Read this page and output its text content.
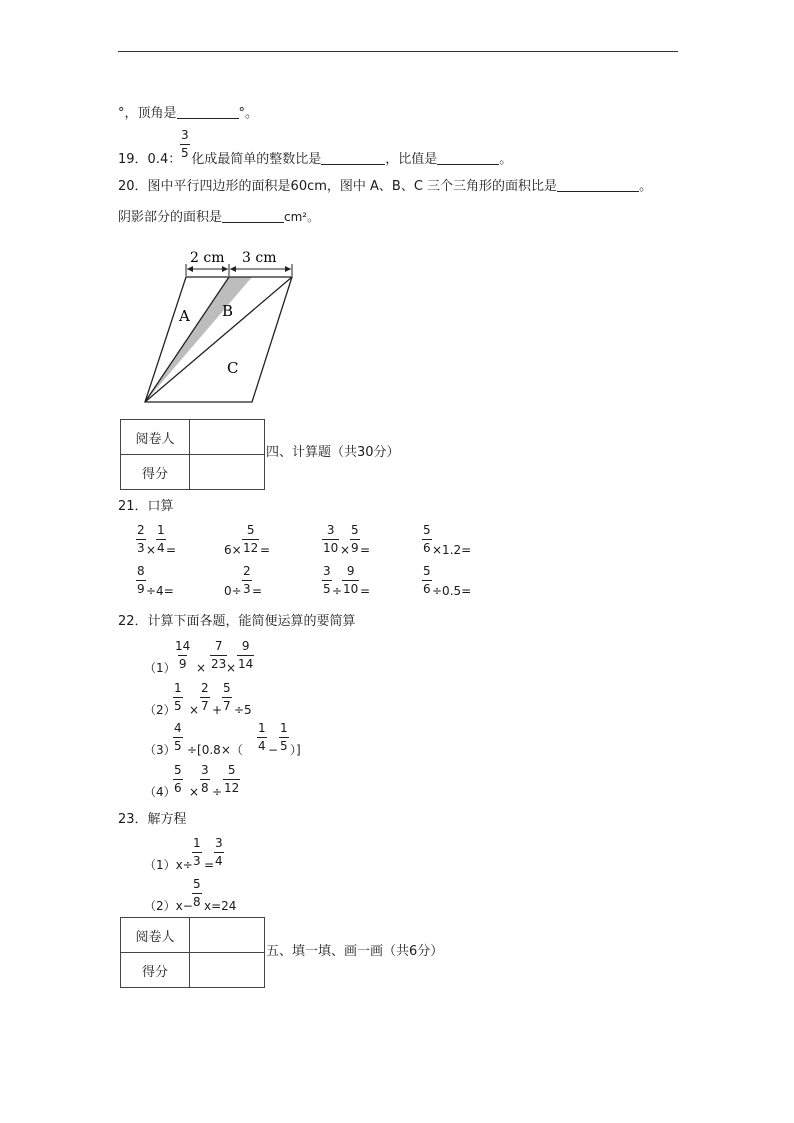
°，顶角是	°。
19．0.4： 化成最简单的整数比是	，比值是	。
$\frac{3}{5}$
20．图中平行四边形的面积是60cm，图中 A、B、C 三个三角形的面积比是	。
阴影部分的面积是	cm²。
2 cm 3 cm
A B
C
阅卷人	
得分	
四、计算题（共30分）
21．口算
$\frac{2}{3} \times \frac{1}{4}$ =	$6\times \frac{5}{12}$ =	$\frac{3}{10} \times \frac{5}{9}$ =	$\frac{5}{6} \times 1.2=$
$\frac{8}{9} \div 4=$	$0\div \frac{2}{3}$ =	$\frac{3}{5} \div \frac{9}{10}$ =	$\frac{5}{6} \div 0.5=$
22．计算下面各题，能简便运算的要简算
（1）
$\frac{14}{9} \times \frac{7}{23}$
× $\frac{9}{14}$
（2）
$\frac{1}{5} \times \frac{2}{7} + \frac{5}{7} \div 5$
（3）
$\frac{4}{5} \div[0.8\times( \frac{1}{4} - \frac{1}{5}$ ）]
（4）
$\frac{5}{6} \times \frac{3}{8} \div \frac{5}{12}$
23．解方程
$(1)x\div \frac{1}{3} = \frac{3}{4}$
$(2)x- \frac{5}{8} x=24$
阅卷人	
得分	
五、填一填、画一画（共6分）
